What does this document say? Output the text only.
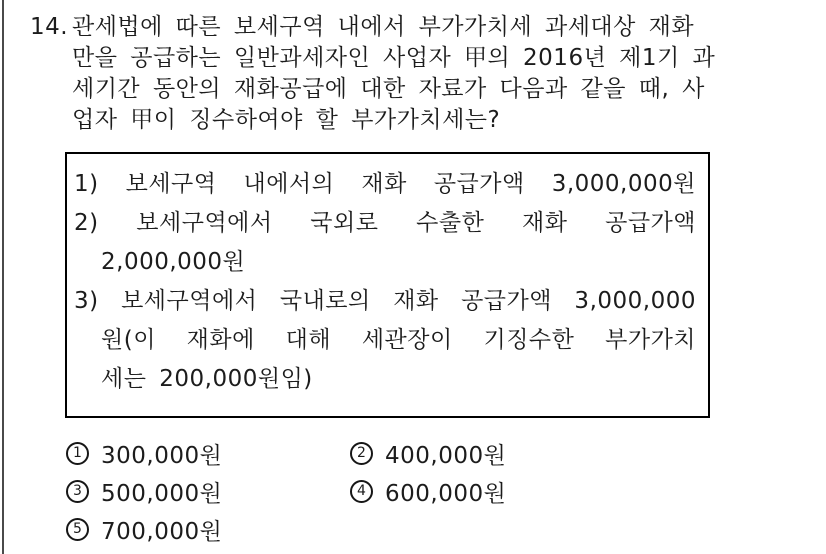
14. 관세법에 따른 보세구역 내에서 부가가치세 과세대상 재화
만을 공급하는 일반과세자인 사업자 甲의 2016년 제1기 과
세기간 동안의 재화공급에 대한 자료가 다음과 같을 때, 사
업자 甲이 징수하여야 할 부가가치세는?
1) 보세구역 내에서의 재화 공급가액 3,000,000원
2) 보세구역에서 국외로 수출한 재화 공급가액
2,000,000원
3) 보세구역에서 국내로의 재화 공급가액 3,000,000
원(이 재화에 대해 세관장이 기징수한 부가가치
세는 200,000원임)
1 300,000원	2 400,000원
3 500,000원	4 600,000원
5 700,000원
